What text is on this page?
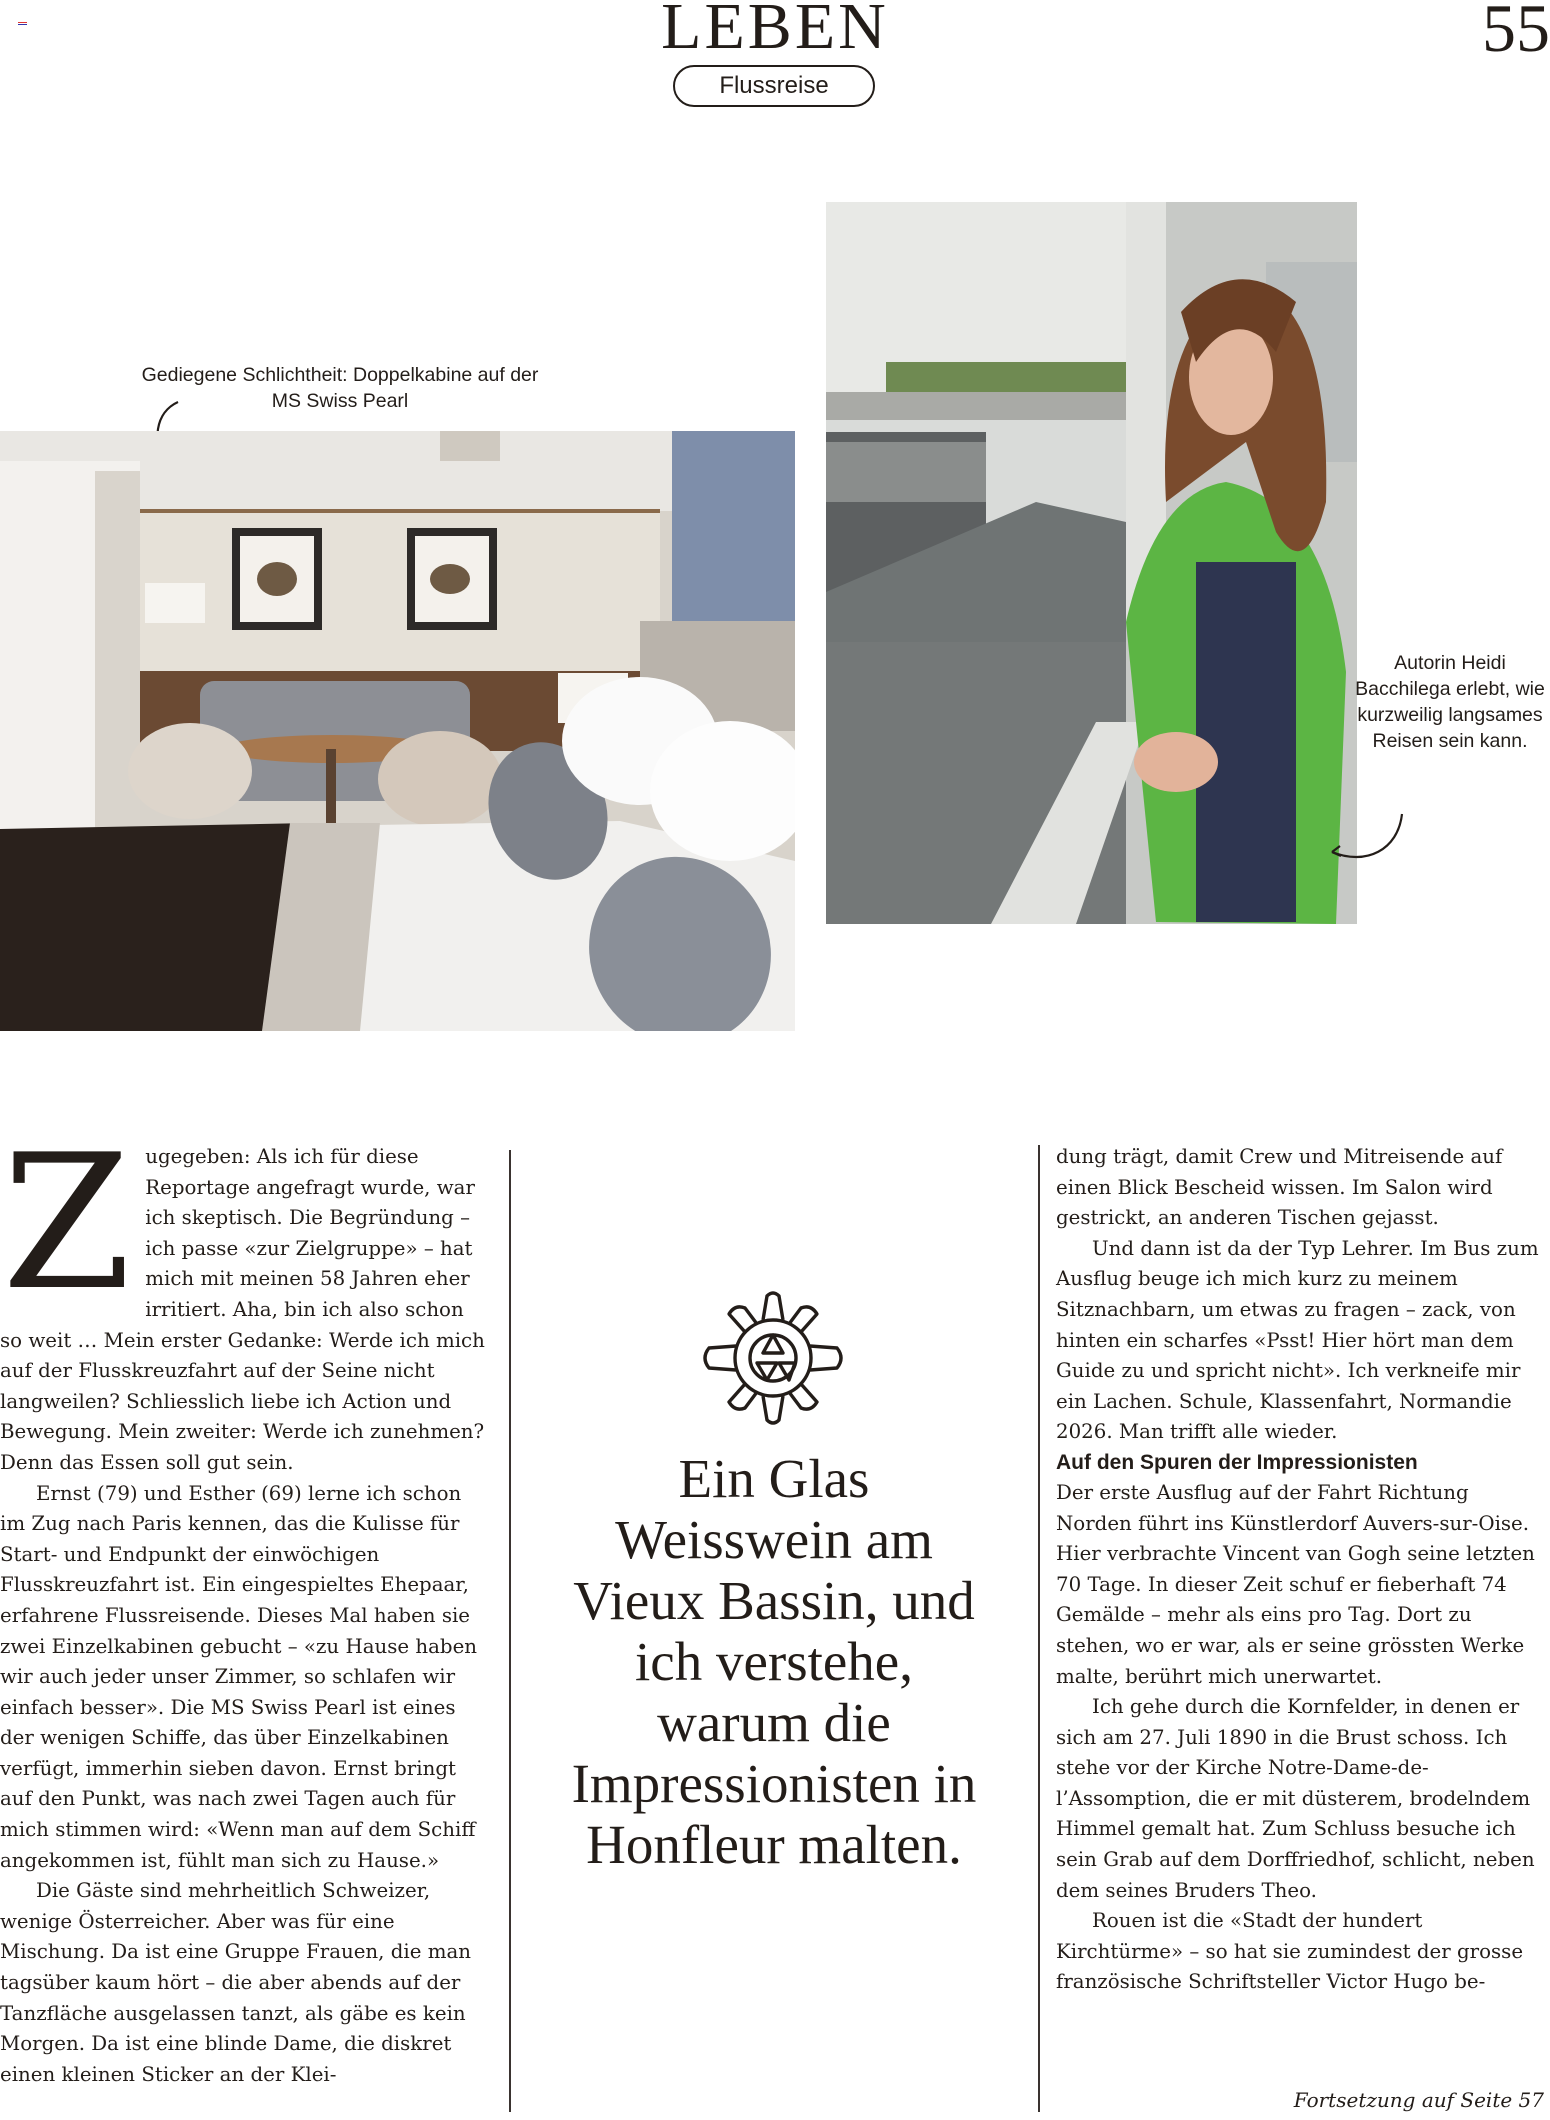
LEBEN	55
Flussreise
Gediegene Schlichtheit: Doppelkabine auf der MS Swiss Pearl
Autorin Heidi Bacchilega erlebt, wie kurzweilig langsames Reisen sein kann.
Z ugegeben: Als ich für diese Reportage angefragt wurde, war ich skeptisch. Die Begründung – ich passe «zur Zielgruppe» – hat mich mit meinen 58 Jahren eher irritiert. Aha, bin ich also schon so weit … Mein erster Gedanke: Werde ich mich auf der Flusskreuzfahrt auf der Seine nicht langweilen? Schliesslich liebe ich Action und Bewegung. Mein zweiter: Werde ich zunehmen? Denn das Essen soll gut sein.

Ernst (79) und Esther (69) lerne ich schon im Zug nach Paris kennen, das die Kulisse für Start- und Endpunkt der einwöchigen Flusskreuzfahrt ist. Ein eingespieltes Ehepaar, erfahrene Flussreisende. Dieses Mal haben sie zwei Einzelkabinen gebucht – «zu Hause haben wir auch jeder unser Zimmer, so schlafen wir einfach besser». Die MS Swiss Pearl ist eines der wenigen Schiffe, das über Einzelkabinen verfügt, immerhin sieben davon. Ernst bringt auf den Punkt, was nach zwei Tagen auch für mich stimmen wird: «Wenn man auf dem Schiff angekommen ist, fühlt man sich zu Hause.»

Die Gäste sind mehrheitlich Schweizer, wenige Österreicher. Aber was für eine Mischung. Da ist eine Gruppe Frauen, die man tagsüber kaum hört – die aber abends auf der Tanzfläche ausgelassen tanzt, als gäbe es kein Morgen. Da ist eine blinde Dame, die diskret einen kleinen Sticker an der Klei-

Ein Glas Weisswein am Vieux Bassin, und ich verstehe, warum die Impressionisten in Honfleur malten.

dung trägt, damit Crew und Mitreisende auf einen Blick Bescheid wissen. Im Salon wird gestrickt, an anderen Tischen gejasst.

Und dann ist da der Typ Lehrer. Im Bus zum Ausflug beuge ich mich kurz zu meinem Sitznachbarn, um etwas zu fragen – zack, von hinten ein scharfes «Psst! Hier hört man dem Guide zu und spricht nicht». Ich verkneife mir ein Lachen. Schule, Klassenfahrt, Normandie 2026. Man trifft alle wieder.

Auf den Spuren der Impressionisten

Der erste Ausflug auf der Fahrt Richtung Norden führt ins Künstlerdorf Auvers-sur-Oise. Hier verbrachte Vincent van Gogh seine letzten 70 Tage. In dieser Zeit schuf er fieberhaft 74 Gemälde – mehr als eins pro Tag. Dort zu stehen, wo er war, als er seine grössten Werke malte, berührt mich unerwartet.

Ich gehe durch die Kornfelder, in denen er sich am 27. Juli 1890 in die Brust schoss. Ich stehe vor der Kirche Notre-Dame-de-l’Assomption, die er mit düsterem, brodelndem Himmel gemalt hat. Zum Schluss besuche ich sein Grab auf dem Dorffriedhof, schlicht, neben dem seines Bruders Theo.

Rouen ist die «Stadt der hundert Kirchtürme» – so hat sie zumindest der grosse französische Schriftsteller Victor Hugo be-

Fortsetzung auf Seite 57
